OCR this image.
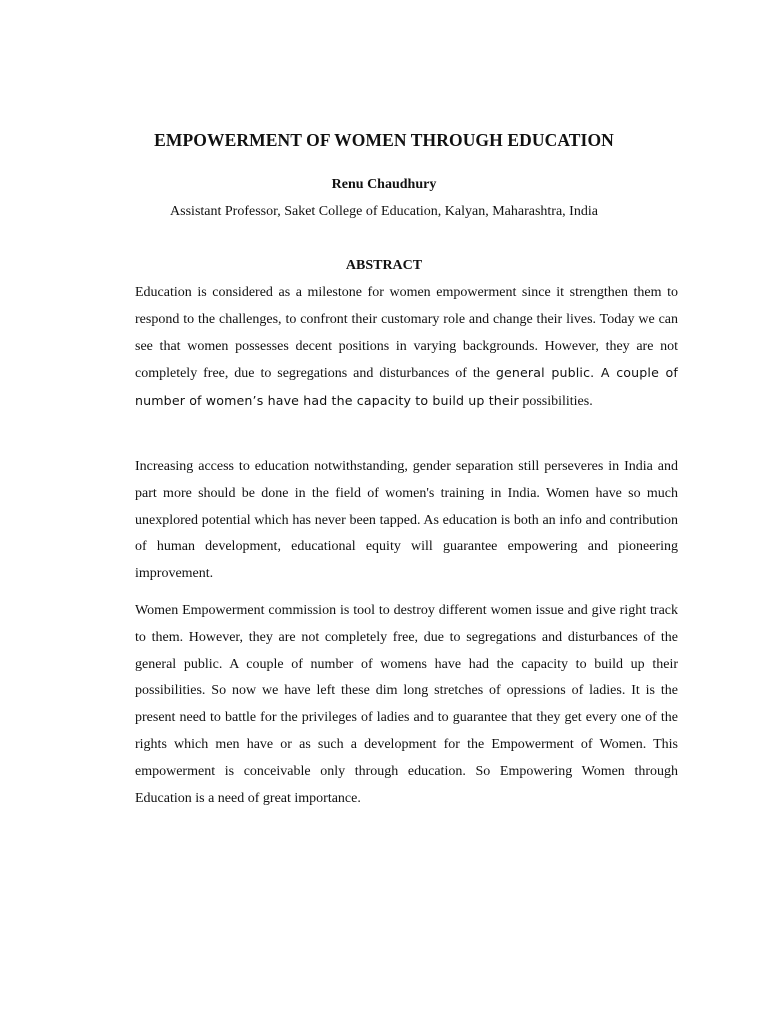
EMPOWERMENT OF WOMEN THROUGH EDUCATION
Renu Chaudhury
Assistant Professor, Saket College of Education, Kalyan, Maharashtra, India
ABSTRACT

Education is considered as a milestone for women empowerment since it strengthen them to respond to the challenges, to confront their customary role and change their lives. Today we can see that women possesses decent positions in varying backgrounds. However, they are not completely free, due to segregations and disturbances of the general public. A couple of number of women’s have had the capacity to build up their possibilities.

Increasing access to education notwithstanding, gender separation still perseveres in India and part more should be done in the field of women's training in India. Women have so much unexplored potential which has never been tapped. As education is both an info and contribution of human development, educational equity will guarantee empowering and pioneering improvement.

Women Empowerment commission is tool to destroy different women issue and give right track to them. However, they are not completely free, due to segregations and disturbances of the general public. A couple of number of womens have had the capacity to build up their possibilities. So now we have left these dim long stretches of opressions of ladies. It is the present need to battle for the privileges of ladies and to guarantee that they get every one of the rights which men have or as such a development for the Empowerment of Women. This empowerment is conceivable only through education. So Empowering Women through Education is a need of great importance.
